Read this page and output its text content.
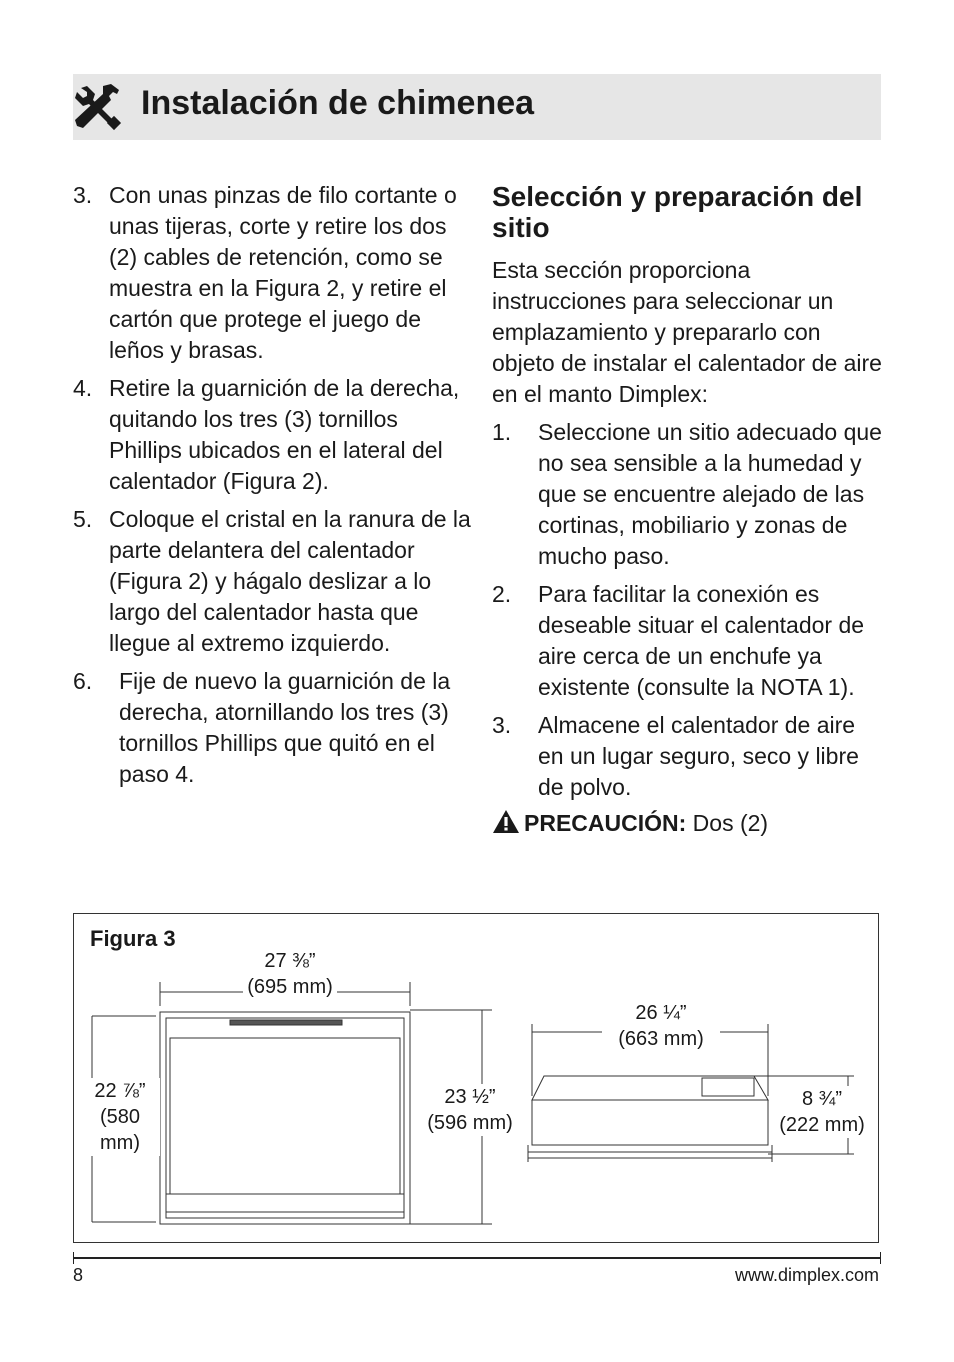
Instalación de chimenea
3. Con unas pinzas de filo cortante o unas tijeras, corte y retire los dos (2) cables de retención, como se muestra en la Figura 2, y retire el cartón que protege el juego de leños y brasas.
4. Retire la guarnición de la derecha, quitando los tres (3) tornillos Phillips ubicados en el lateral del calentador (Figura 2).
5. Coloque el cristal en la ranura de la parte delantera del calentador (Figura 2) y hágalo deslizar a lo largo del calentador hasta que llegue al extremo izquierdo.
6. Fije de nuevo la guarnición de la derecha, atornillando los tres (3) tornillos Phillips que quitó en el paso 4.
Selección y preparación del sitio
Esta sección proporciona instrucciones para seleccionar un emplazamiento y prepararlo con objeto de instalar el calentador de aire en el manto Dimplex:
1. Seleccione un sitio adecuado que no sea sensible a la humedad y que se encuentre alejado de las cortinas, mobiliario y zonas de mucho paso.
2. Para facilitar la conexión es deseable situar el calentador de aire cerca de un enchufe ya existente (consulte la NOTA 1).
3. Almacene el calentador de aire en un lugar seguro, seco y libre de polvo.
PRECAUCIÓN: Dos (2)
Figura 3
27 ⅜”
(695 mm)
22 ⅞”
(580
mm)
23 ½”
(596 mm)
26 ¼”
(663 mm)
8 ¾”
(222 mm)
8	www.dimplex.com
